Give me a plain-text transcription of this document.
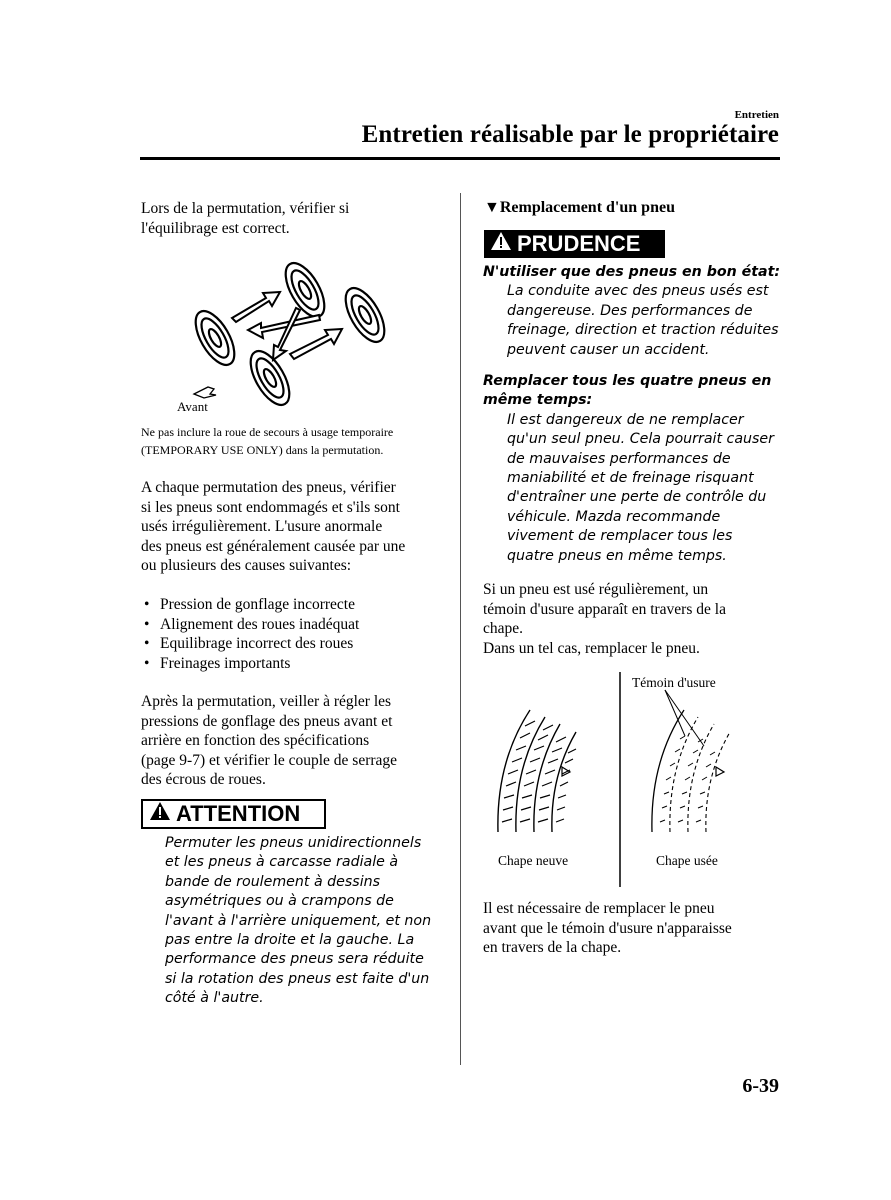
Entretien
Entretien réalisable par le propriétaire
Lors de la permutation, vérifier si
l'équilibrage est correct.
Avant
Ne pas inclure la roue de secours à usage temporaire
(TEMPORARY USE ONLY) dans la permutation.
A chaque permutation des pneus, vérifier
si les pneus sont endommagés et s'ils sont
usés irrégulièrement. L'usure anormale
des pneus est généralement causée par une
ou plusieurs des causes suivantes:
• Pression de gonflage incorrecte
• Alignement des roues inadéquat
• Equilibrage incorrect des roues
• Freinages importants
Après la permutation, veiller à régler les
pressions de gonflage des pneus avant et
arrière en fonction des spécifications
(page 9-7) et vérifier le couple de serrage
des écrous de roues.
ATTENTION
Permuter les pneus unidirectionnels
et les pneus à carcasse radiale à
bande de roulement à dessins
asymétriques ou à crampons de
l'avant à l'arrière uniquement, et non
pas entre la droite et la gauche. La
performance des pneus sera réduite
si la rotation des pneus est faite d'un
côté à l'autre.
▼Remplacement d'un pneu
PRUDENCE
N'utiliser que des pneus en bon état:
La conduite avec des pneus usés est
dangereuse. Des performances de
freinage, direction et traction réduites
peuvent causer un accident.
Remplacer tous les quatre pneus en
même temps:
Il est dangereux de ne remplacer
qu'un seul pneu. Cela pourrait causer
de mauvaises performances de
maniabilité et de freinage risquant
d'entraîner une perte de contrôle du
véhicule. Mazda recommande
vivement de remplacer tous les
quatre pneus en même temps.
Si un pneu est usé régulièrement, un
témoin d'usure apparaît en travers de la
chape.
Dans un tel cas, remplacer le pneu.
Témoin d'usure
Chape neuve	Chape usée
Il est nécessaire de remplacer le pneu
avant que le témoin d'usure n'apparaisse
en travers de la chape.
6-39
